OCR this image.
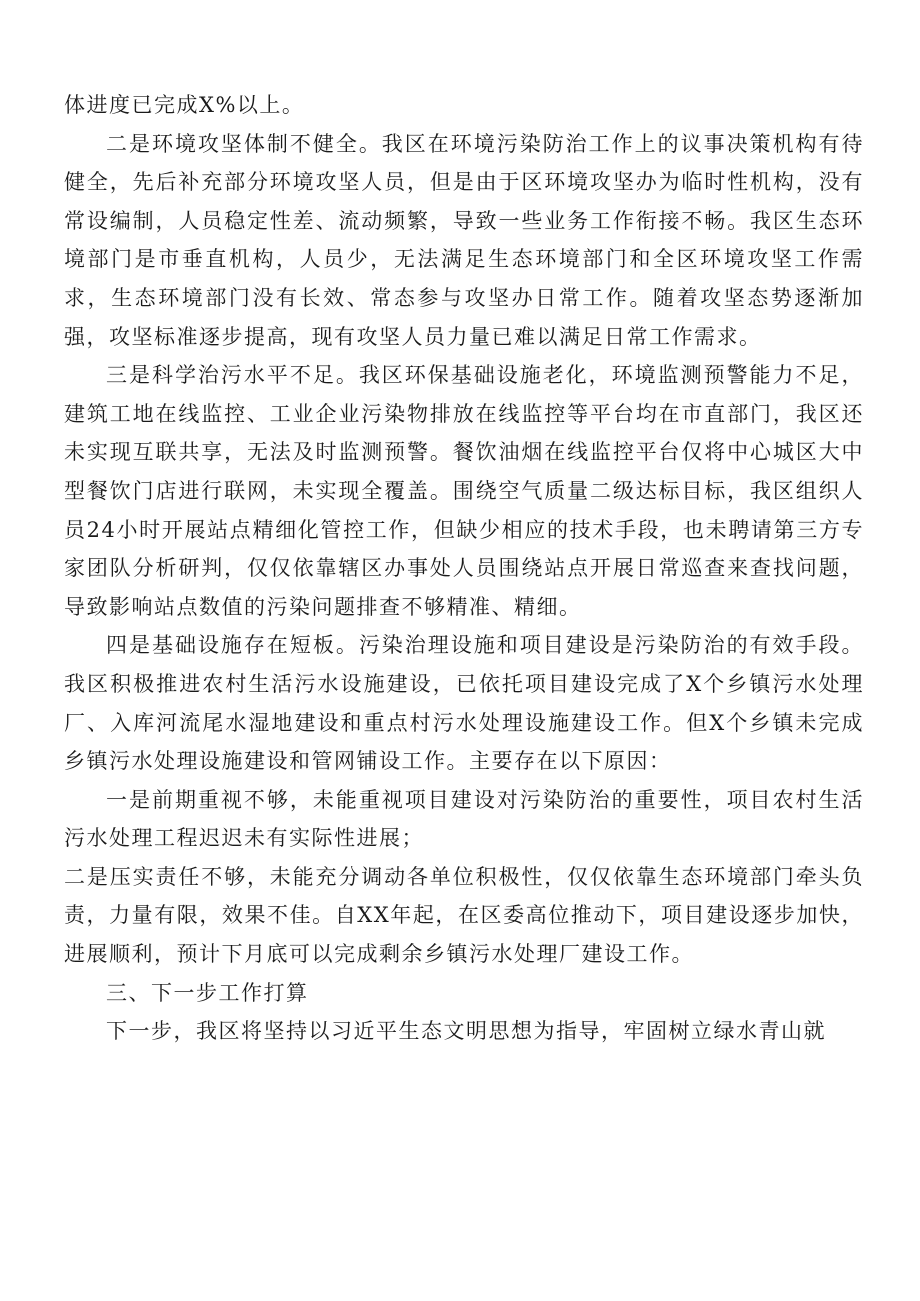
体进度已完成X%以上。

二是环境攻坚体制不健全。我区在环境污染防治工作上的议事决策机构有待健全，先后补充部分环境攻坚人员，但是由于区环境攻坚办为临时性机构，没有常设编制，人员稳定性差、流动频繁，导致一些业务工作衔接不畅。我区生态环境部门是市垂直机构，人员少，无法满足生态环境部门和全区环境攻坚工作需求，生态环境部门没有长效、常态参与攻坚办日常工作。随着攻坚态势逐渐加强，攻坚标准逐步提高，现有攻坚人员力量已难以满足日常工作需求。

三是科学治污水平不足。我区环保基础设施老化，环境监测预警能力不足，建筑工地在线监控、工业企业污染物排放在线监控等平台均在市直部门，我区还未实现互联共享，无法及时监测预警。餐饮油烟在线监控平台仅将中心城区大中型餐饮门店进行联网，未实现全覆盖。围绕空气质量二级达标目标，我区组织人员24小时开展站点精细化管控工作，但缺少相应的技术手段，也未聘请第三方专家团队分析研判，仅仅依靠辖区办事处人员围绕站点开展日常巡查来查找问题，导致影响站点数值的污染问题排查不够精准、精细。

四是基础设施存在短板。污染治理设施和项目建设是污染防治的有效手段。我区积极推进农村生活污水设施建设，已依托项目建设完成了X个乡镇污水处理厂、入库河流尾水湿地建设和重点村污水处理设施建设工作。但X个乡镇未完成乡镇污水处理设施建设和管网铺设工作。主要存在以下原因：

一是前期重视不够，未能重视项目建设对污染防治的重要性，项目农村生活污水处理工程迟迟未有实际性进展；

二是压实责任不够，未能充分调动各单位积极性，仅仅依靠生态环境部门牵头负责，力量有限，效果不佳。自XX年起，在区委高位推动下，项目建设逐步加快，进展顺利，预计下月底可以完成剩余乡镇污水处理厂建设工作。

三、下一步工作打算

下一步，我区将坚持以习近平生态文明思想为指导，牢固树立绿水青山就
